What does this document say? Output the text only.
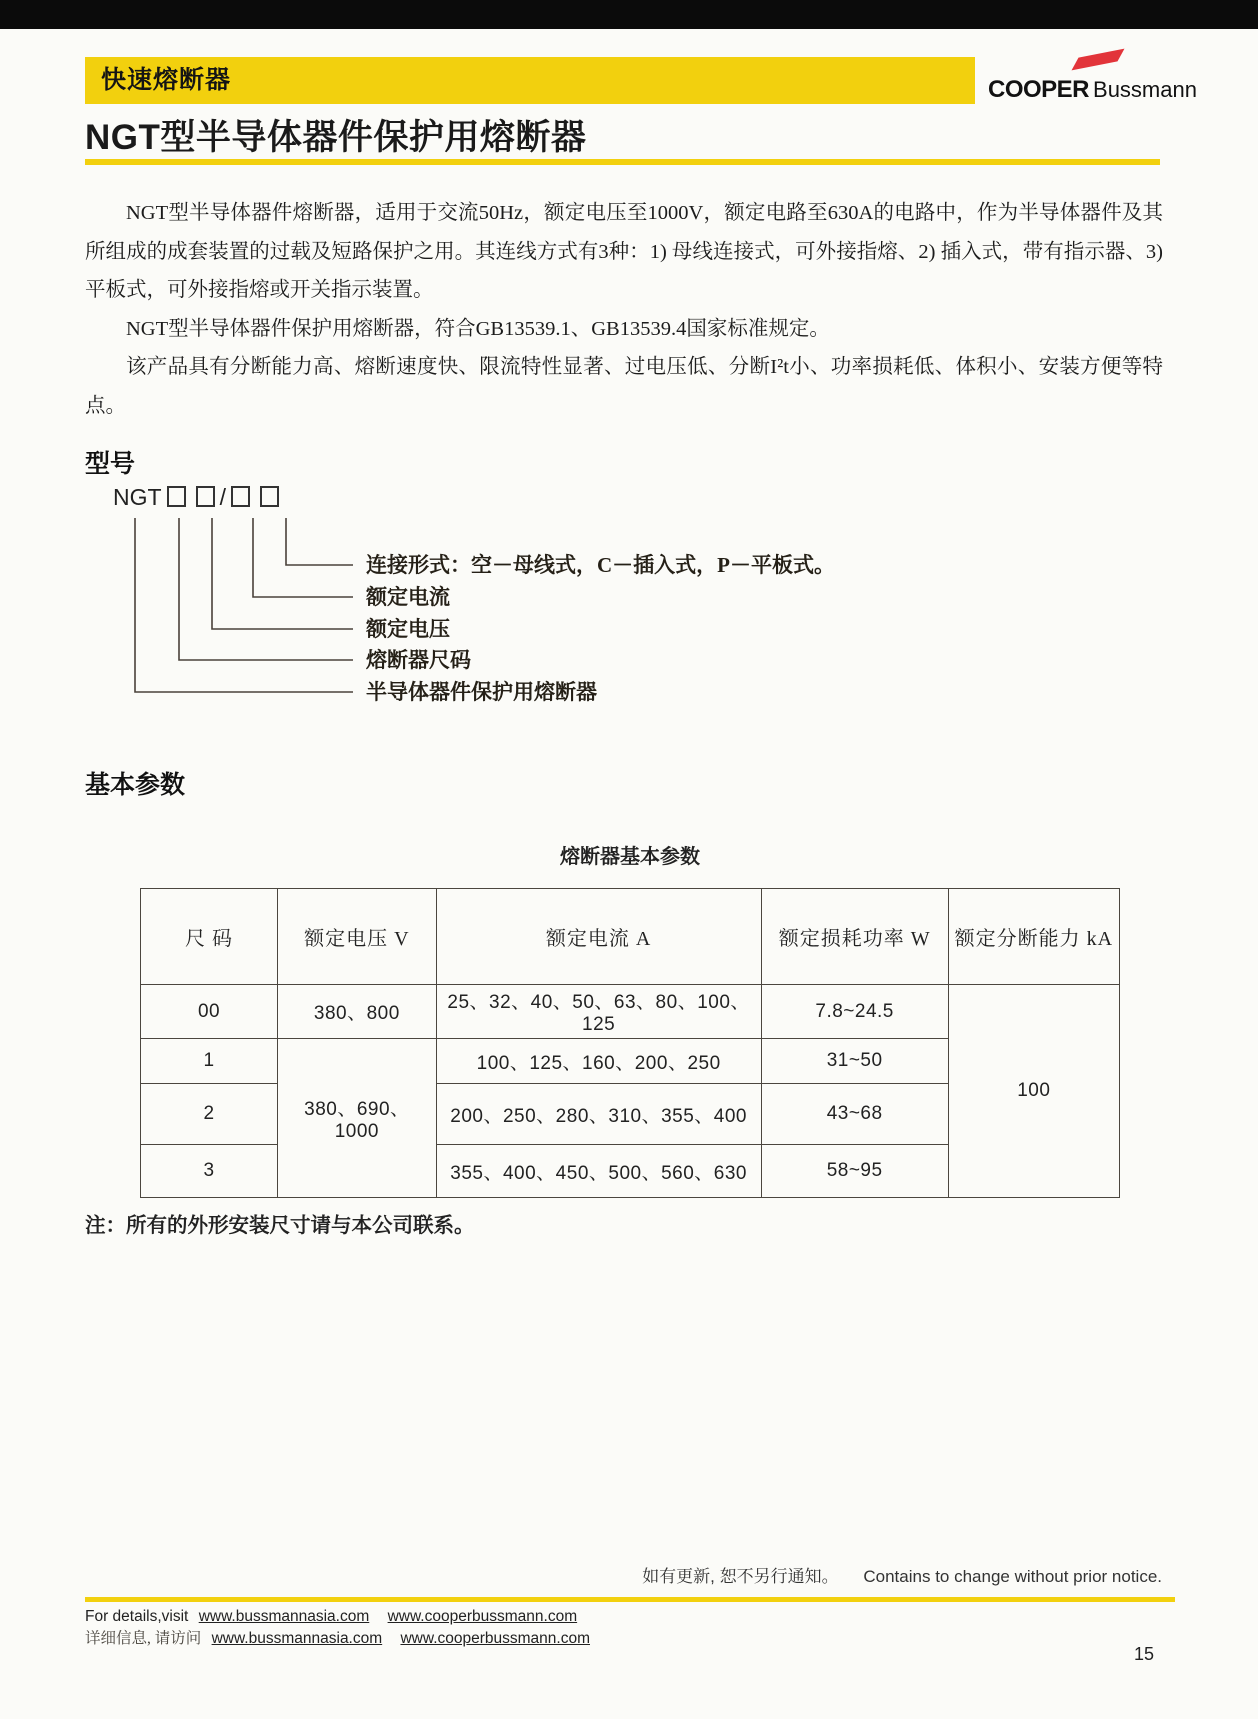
快速熔断器	COOPER Bussmann
NGT型半导体器件保护用熔断器

NGT型半导体器件熔断器，适用于交流50Hz，额定电压至1000V，额定电路至630A的电路中，作为半导体器件及其所组成的成套装置的过载及短路保护之用。其连线方式有3种：1) 母线连接式，可外接指熔、2) 插入式，带有指示器、3) 平板式，可外接指熔或开关指示装置。

NGT型半导体器件保护用熔断器，符合GB13539.1、GB13539.4国家标准规定。

该产品具有分断能力高、熔断速度快、限流特性显著、过电压低、分断I²t小、功率损耗低、体积小、安装方便等特点。

型号
NGT	/
连接形式：空－母线式，C－插入式，P－平板式。
额定电流
额定电压
熔断器尺码
半导体器件保护用熔断器
基本参数
熔断器基本参数
尺 码	额定电压 V	额定电流 A	额定损耗功率 W	额定分断能力 kA
00	380、800	25、32、40、50、63、80、100、125	7.8~24.5	100
1	380、690、1000	100、125、160、200、250	31~50	
2		200、250、280、310、355、400	43~68	
3		355、400、450、500、560、630	58~95	
注：所有的外形安装尺寸请与本公司联系。
如有更新, 恕不另行通知。 Contains to change without prior notice.
For details,visit www.bussmannasia.com www.cooperbussmann.com
详细信息, 请访问 www.bussmannasia.com www.cooperbussmann.com
15
